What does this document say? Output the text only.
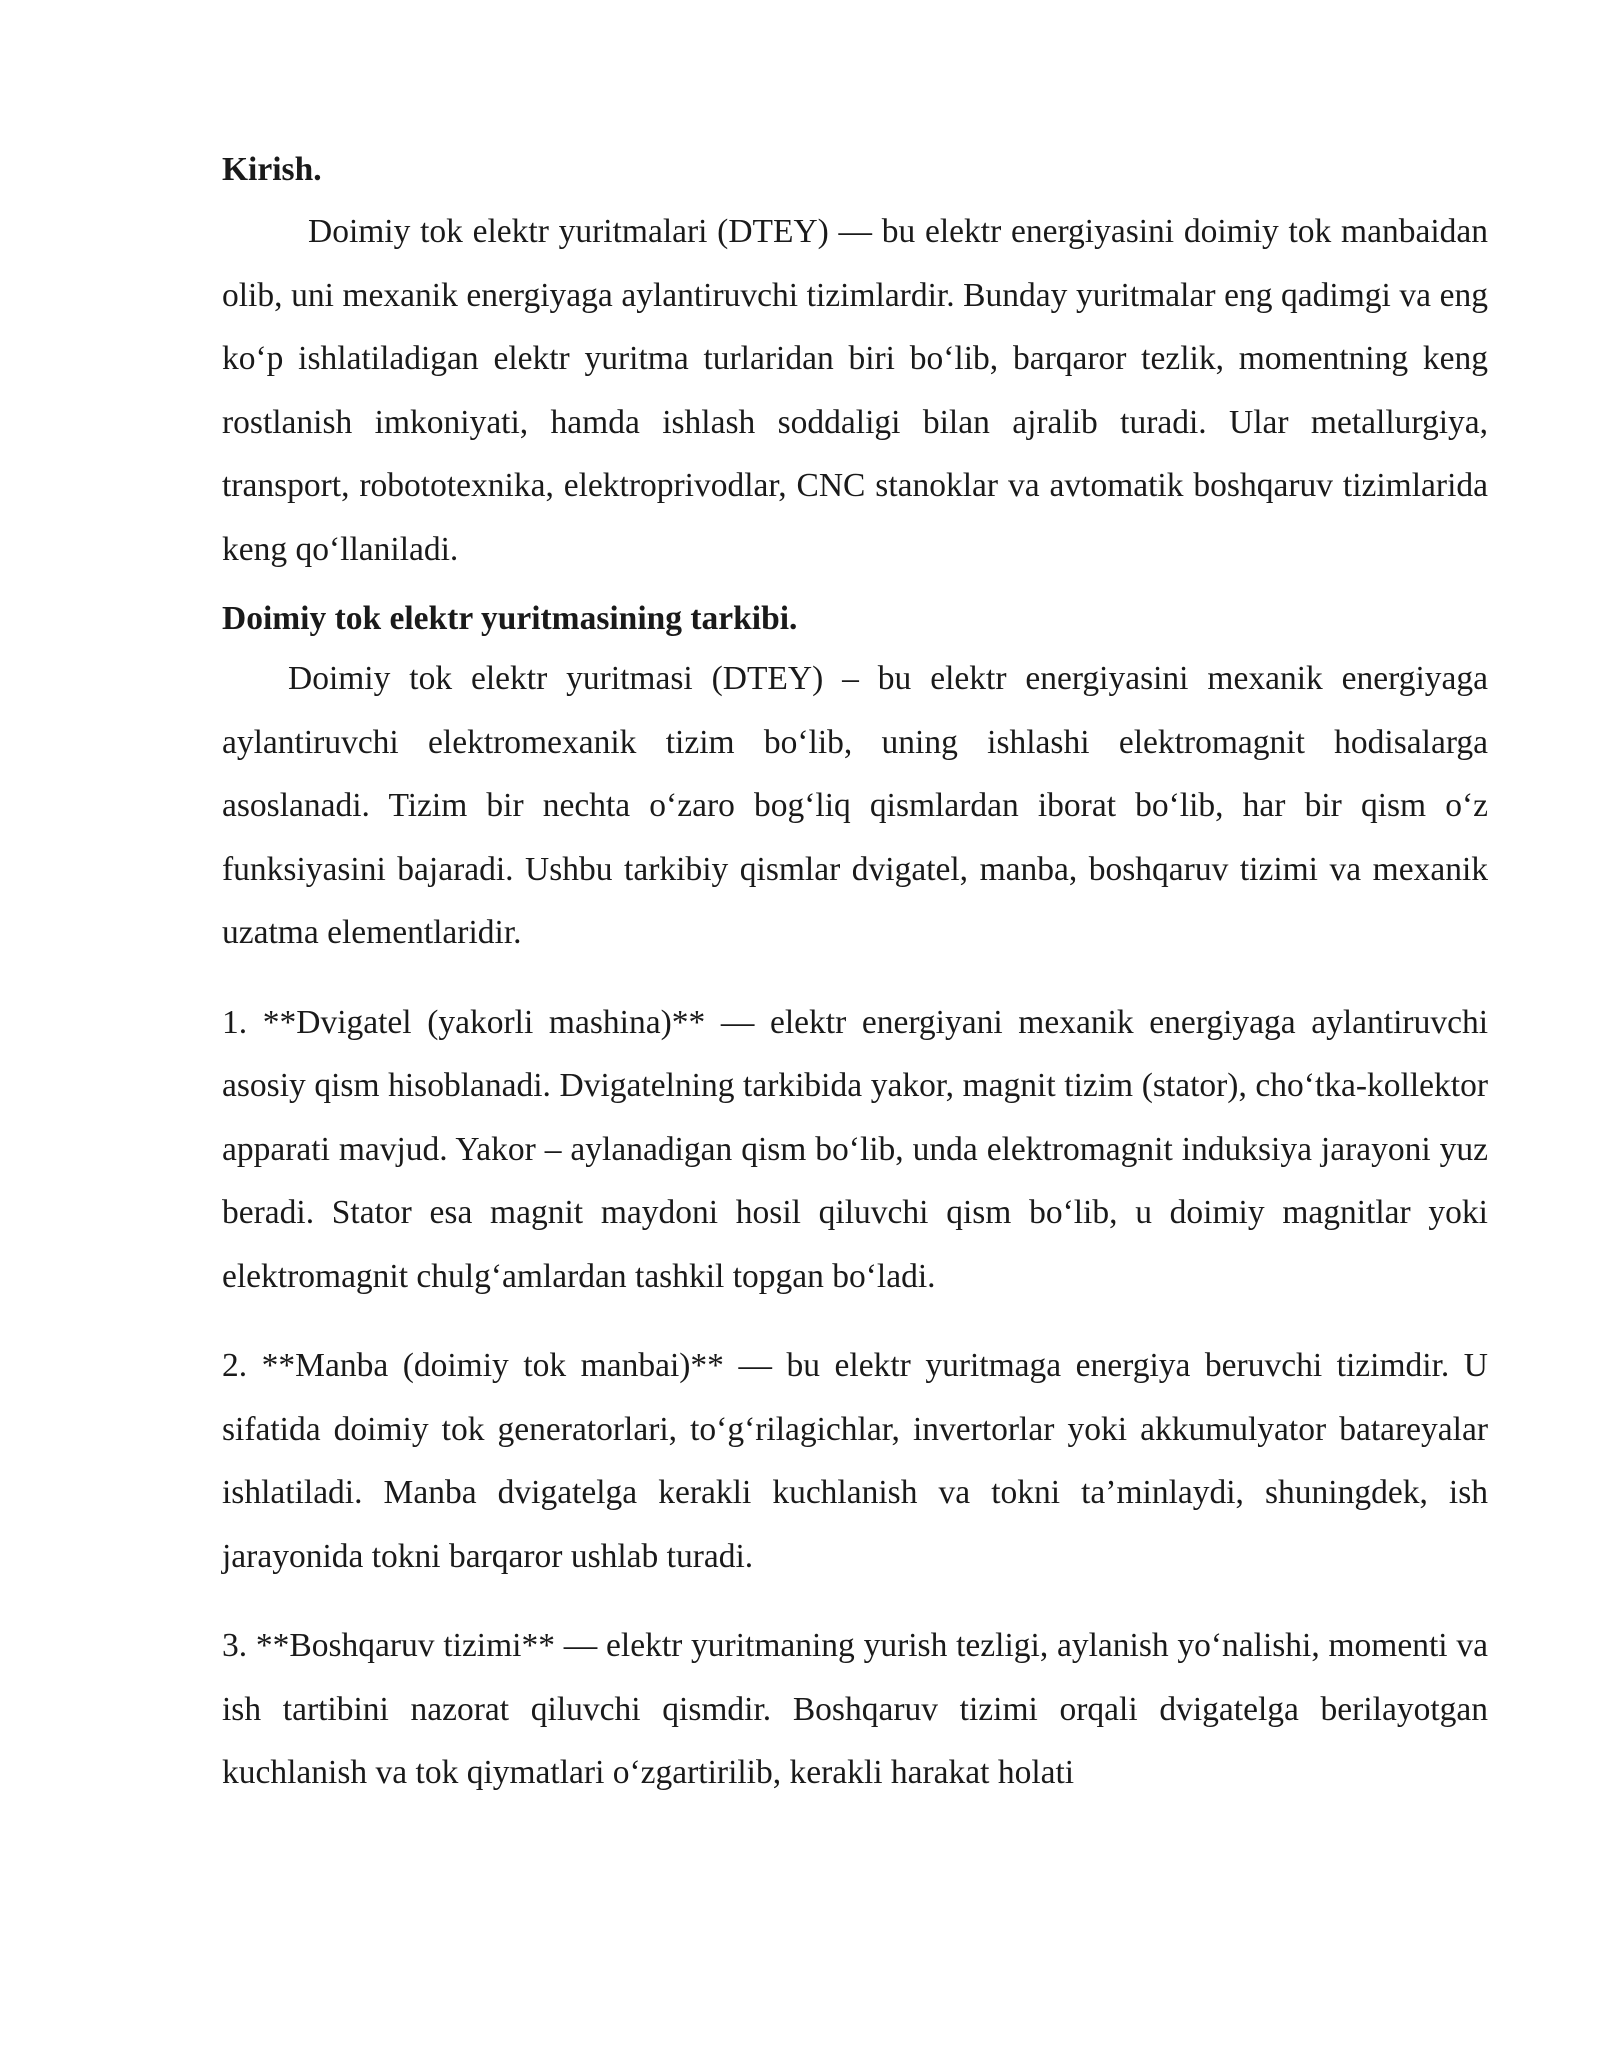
Kirish.

Doimiy tok elektr yuritmalari (DTEY) — bu elektr energiyasini doimiy tok manbaidan olib, uni mexanik energiyaga aylantiruvchi tizimlardir. Bunday yuritmalar eng qadimgi va eng ko‘p ishlatiladigan elektr yuritma turlaridan biri bo‘lib, barqaror tezlik, momentning keng rostlanish imkoniyati, hamda ishlash soddaligi bilan ajralib turadi. Ular metallurgiya, transport, robototexnika, elektroprivodlar, CNC stanoklar va avtomatik boshqaruv tizimlarida keng qo‘llaniladi.

Doimiy tok elektr yuritmasining tarkibi.

Doimiy tok elektr yuritmasi (DTEY) – bu elektr energiyasini mexanik energiyaga aylantiruvchi elektromexanik tizim bo‘lib, uning ishlashi elektromagnit hodisalarga asoslanadi. Tizim bir nechta o‘zaro bog‘liq qismlardan iborat bo‘lib, har bir qism o‘z funksiyasini bajaradi. Ushbu tarkibiy qismlar dvigatel, manba, boshqaruv tizimi va mexanik uzatma elementlaridir.

1. **Dvigatel (yakorli mashina)** — elektr energiyani mexanik energiyaga aylantiruvchi asosiy qism hisoblanadi. Dvigatelning tarkibida yakor, magnit tizim (stator), cho‘tka-kollektor apparati mavjud. Yakor – aylanadigan qism bo‘lib, unda elektromagnit induksiya jarayoni yuz beradi. Stator esa magnit maydoni hosil qiluvchi qism bo‘lib, u doimiy magnitlar yoki elektromagnit chulg‘amlardan tashkil topgan bo‘ladi.

2. **Manba (doimiy tok manbai)** — bu elektr yuritmaga energiya beruvchi tizimdir. U sifatida doimiy tok generatorlari, to‘g‘rilagichlar, invertorlar yoki akkumulyator batareyalar ishlatiladi. Manba dvigatelga kerakli kuchlanish va tokni ta’minlaydi, shuningdek, ish jarayonida tokni barqaror ushlab turadi.

3. **Boshqaruv tizimi** — elektr yuritmaning yurish tezligi, aylanish yo‘nalishi, momenti va ish tartibini nazorat qiluvchi qismdir. Boshqaruv tizimi orqali dvigatelga berilayotgan kuchlanish va tok qiymatlari o‘zgartirilib, kerakli harakat holati
